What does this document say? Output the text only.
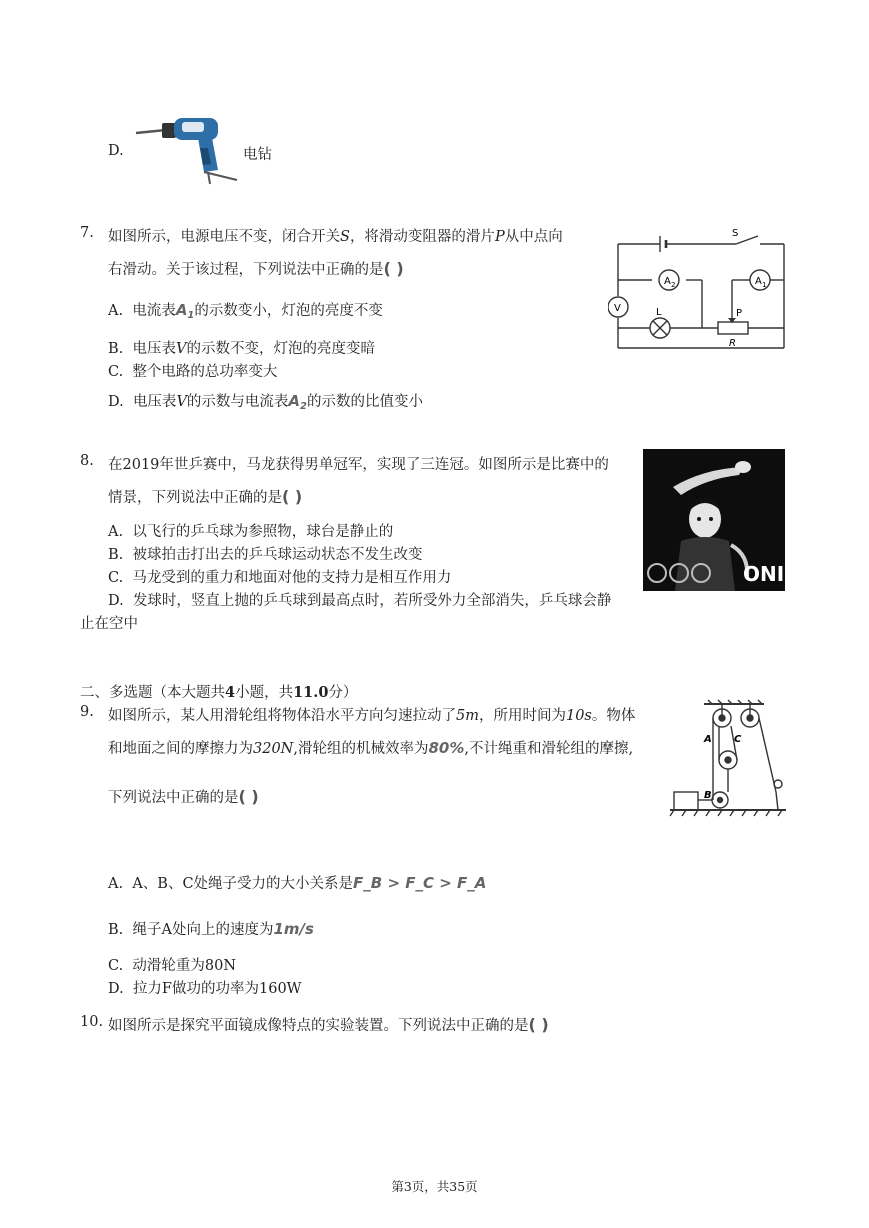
D.	电钻
7. 如图所示，电源电压不变，闭合开关S，将滑动变阻器的滑片P从中点向
右滑动。关于该过程，下列说法中正确的是( )
A. 电流表$A_1$的示数变小，灯泡的亮度不变
B. 电压表V的示数不变，灯泡的亮度变暗
C. 整个电路的总功率变大
D. 电压表V的示数与电流表$A_2$的示数的比值变小
S
A 2	A 1
V	L	P
R
8. 在2019年世乒赛中，马龙获得男单冠军，实现了三连冠。如图所示是比赛中的
情景，下列说法中正确的是( )
A. 以飞行的乒乓球为参照物，球台是静止的
B. 被球拍击打出去的乒乓球运动状态不发生改变
C. 马龙受到的重力和地面对他的支持力是相互作用力
D. 发球时，竖直上抛的乒乓球到最高点时，若所受外力全部消失，乒乓球会静
止在空中
ONI
二、多选题（本大题共4小题，共11.0分）
9. 如图所示，某人用滑轮组将物体沿水平方向匀速拉动了5m，所用时间为10s。物体
和地面之间的摩擦力为320N,滑轮组的机械效率为80%,不计绳重和滑轮组的摩擦,
下列说法中正确的是( )
A. A、B、C处绳子受力的大小关系是F_B > F_C > F_A
B. 绳子A处向上的速度为1m/s
C. 动滑轮重为80N
D. 拉力F做功的功率为160W
A C
B
10. 如图所示是探究平面镜成像特点的实验装置。下列说法中正确的是( )
第3页，共35页
